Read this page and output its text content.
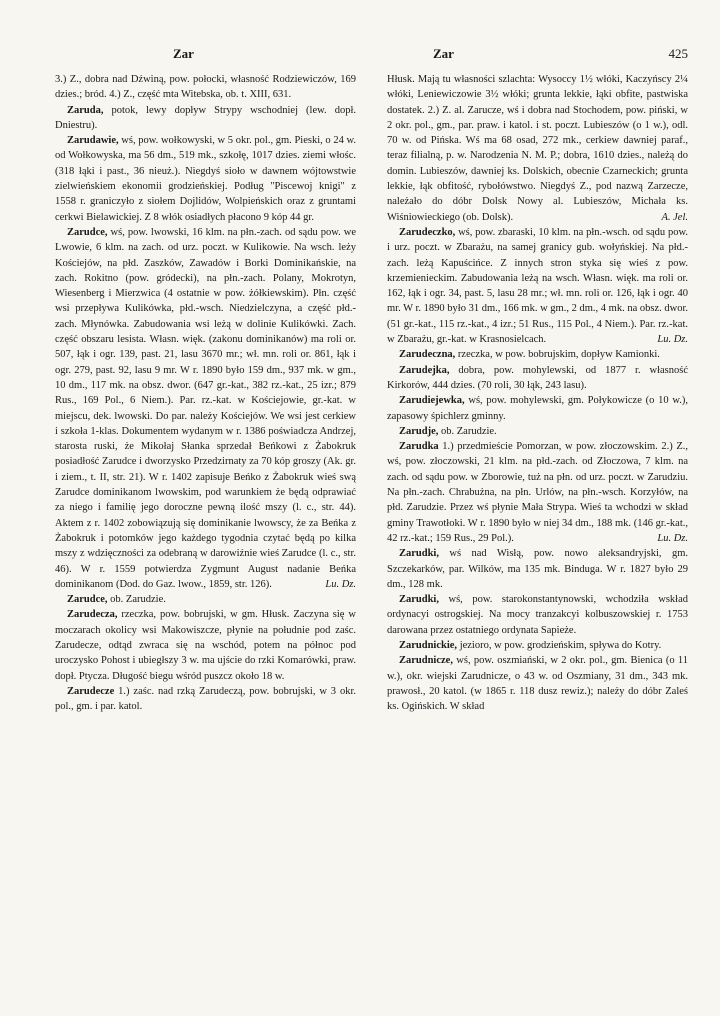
Zar	Zar	425

3.) Z., dobra nad Dźwiną, pow. połocki, własność Rodziewiczów, 169 dzies.; bród. 4.) Z., część mta Witebska, ob. t. XIII, 631.

Zaruda, potok, lewy dopływ Strypy wschodniej (lew. dopł. Dniestru).

Zarudawie, wś, pow. wołkowyski, w 5 okr. pol., gm. Pieski, o 24 w. od Wołkowyska, ma 56 dm., 519 mk., szkołę, 1017 dzies. ziemi włośc. (318 łąki i past., 36 nieuż.). Niegdyś sioło w dawnem wójtowstwie zielwieńskiem ekonomii grodzieńskiej. Podług "Piscewoj knigi" z 1558 r. graniczyło z siołem Dojlidów, Wolpieńskich oraz z gruntami cerkwi Bielawickiej. Z 8 włók osiadłych płacono 9 kóp 44 gr.

Zarudce, wś, pow. lwowski, 16 klm. na płn.-zach. od sądu pow. we Lwowie, 6 klm. na zach. od urz. poczt. w Kulikowie. Na wsch. leży Kościejów, na płd. Zaszków, Zawadów i Borki Dominikańskie, na zach. Rokitno (pow. gródecki), na płn.-zach. Polany, Mokrotyn, Wiesenberg i Mierzwica (4 ostatnie w pow. żółkiewskim). Płn. część wsi przepływa Kulikówka, płd.-wsch. Niedzielczyna, a część płd.-zach. Młynówka. Zabudowania wsi leżą w dolinie Kulikówki. Zach. część obszaru lesista. Własn. więk. (zakonu dominikanów) ma roli or. 507, łąk i ogr. 139, past. 21, lasu 3670 mr.; wł. mn. roli or. 861, łąk i ogr. 279, past. 92, lasu 9 mr. W r. 1890 było 159 dm., 937 mk. w gm., 10 dm., 117 mk. na obsz. dwor. (647 gr.-kat., 382 rz.-kat., 25 izr.; 879 Rus., 169 Pol., 6 Niem.). Par. rz.-kat. w Kościejowie, gr.-kat. w miejscu, dek. lwowski. Do par. należy Kościejów. We wsi jest cerkiew i szkoła 1-klas. Dokumentem wydanym w r. 1386 poświadcza Andrzej, starosta ruski, że Mikołaj Słanka sprzedał Beńkowi z Żabokruk posiadłość Zarudce i dworzysko Przedzirnaty za 70 kóp groszy (Ak. gr. i ziem., t. II, str. 21). W r. 1402 zapisuje Beńko z Żabokruk wieś swą Zarudce dominikanom lwowskim, pod warunkiem że będą odprawiać za niego i familię jego doroczne pewną ilość mszy (l. c., str. 44). Aktem z r. 1402 zobowiązują się dominikanie lwowscy, że za Beńka z Żabokruk i potomków jego każdego tygodnia czytać będą po kilka mszy z wdzięczności za odebraną w darowiźnie wieś Zarudce (l. c., str. 46). W r. 1559 potwierdza Zygmunt August nadanie Beńka dominikanom (Dod. do Gaz. lwow., 1859, str. 126).	Lu. Dz.

Zarudce, ob. Zarudzie.

Zarudecza, rzeczka, pow. bobrujski, w gm. Hłusk. Zaczyna się w moczarach okolicy wsi Makowiszcze, płynie na południe pod zaśc. Zarudecze, odtąd zwraca się na wschód, potem na północ pod uroczysko Pohost i ubiegłszy 3 w. ma ujście do rzki Komarówki, praw. dopł. Ptycza. Długość biegu wśród puszcz około 18 w.

Zarudecze 1.) zaśc. nad rzką Zarudeczą, pow. bobrujski, w 3 okr. pol., gm. i par. katol.

Hłusk. Mają tu własności szlachta: Wysoccy 1½ włóki, Kaczyńscy 2¼ włóki, Leniewiczowie 3½ włóki; grunta lekkie, łąki obfite, pastwiska dostatek. 2.) Z. al. Zarucze, wś i dobra nad Stochodem, pow. piński, w 2 okr. pol., gm., par. praw. i katol. i st. poczt. Lubieszów (o 1 w.), odl. 70 w. od Pińska. Wś ma 68 osad, 272 mk., cerkiew dawniej paraf., teraz filialną, p. w. Narodzenia N. M. P.; dobra, 1610 dzies., należą do domin. Lubieszów, dawniej ks. Dolskich, obecnie Czarneckich; grunta lekkie, łąk obfitość, rybołówstwo. Niegdyś Z., pod nazwą Zarzecze, należało do dóbr Dolsk Nowy al. Lubieszów, Michała ks. Wiśniowieckiego (ob. Dolsk).	A. Jel.

Zarudeczko, wś, pow. zbaraski, 10 klm. na płn.-wsch. od sądu pow. i urz. poczt. w Zbarażu, na samej granicy gub. wołyńskiej. Na płd.-zach. leżą Kapuścińce. Z innych stron styka się wieś z pow. krzemienieckim. Zabudowania leżą na wsch. Własn. więk. ma roli or. 162, łąk i ogr. 34, past. 5, lasu 28 mr.; wł. mn. roli or. 126, łąk i ogr. 40 mr. W r. 1890 było 31 dm., 166 mk. w gm., 2 dm., 4 mk. na obsz. dwor. (51 gr.-kat., 115 rz.-kat., 4 izr.; 51 Rus., 115 Pol., 4 Niem.). Par. rz.-kat. w Zbarażu, gr.-kat. w Krasnosielcach.	Lu. Dz.

Zarudeczna, rzeczka, w pow. bobrujskim, dopływ Kamionki.

Zarudejka, dobra, pow. mohylewski, od 1877 r. własność Kirkorów, 444 dzies. (70 roli, 30 łąk, 243 lasu).

Zarudiejewka, wś, pow. mohylewski, gm. Połykowicze (o 10 w.), zapasowy śpichlerz gminny.

Zarudje, ob. Zarudzie.

Zarudka 1.) przedmieście Pomorzan, w pow. złoczowskim. 2.) Z., wś, pow. złoczowski, 21 klm. na płd.-zach. od Złoczowa, 7 klm. na zach. od sądu pow. w Zborowie, tuż na płn. od urz. poczt. w Zarudziu. Na płn.-zach. Chrabużna, na płn. Urlów, na płn.-wsch. Korzyłów, na płd. Zarudzie. Przez wś płynie Mała Strypa. Wieś ta wchodzi w skład gminy Trawotłoki. W r. 1890 było w niej 34 dm., 188 mk. (146 gr.-kat., 42 rz.-kat.; 159 Rus., 29 Pol.).	Lu. Dz.

Zarudki, wś nad Wisłą, pow. nowo aleksandryjski, gm. Szczekarków, par. Wilków, ma 135 mk. Bindugа. W r. 1827 było 29 dm., 128 mk.

Zarudki, wś, pow. starokonstantynowski, wchodziła wskład ordynacyi ostrogskiej. Na mocy tranzakcyi kolbuszowskiej r. 1753 darowana przez ostatniego ordynata Sapieże.

Zarudnickie, jezioro, w pow. grodzieńskim, spływa do Kotry.

Zarudnicze, wś, pow. oszmiański, w 2 okr. pol., gm. Bienica (o 11 w.), okr. wiejski Zarudnicze, o 43 w. od Oszmiany, 31 dm., 343 mk. prawosł., 20 katol. (w 1865 r. 118 dusz rewiz.); należy do dóbr Zaleś ks. Ogińskich. W skład
